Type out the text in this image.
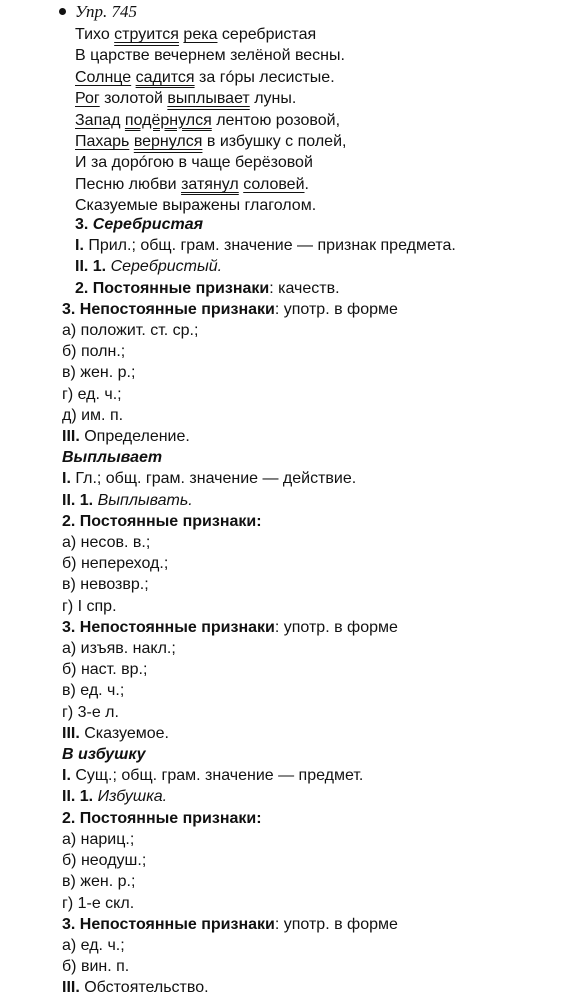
Упр. 745
Тихо струится река серебристая
В царстве вечернем зелёной весны.
Солнце садится за гóры лесистые.
Рог золотой выплывает луны.
Запад подёрнулся лентою розовой,
Пахарь вернулся в избушку с полей,
И за дорóгою в чаще берёзовой
Песню любви затянул соловей.
Сказуемые выражены глаголом.
3. Серебристая
I. Прил.; общ. грам. значение — признак предмета.
II. 1. Серебристый.
2. Постоянные признаки: качеств.
3. Непостоянные признаки: употр. в форме
а) положит. ст. ср.;
б) полн.;
в) жен. р.;
г) ед. ч.;
д) им. п.
III. Определение.
Выплывает
I. Гл.; общ. грам. значение — действие.
II. 1. Выплывать.
2. Постоянные признаки:
а) несов. в.;
б) непереход.;
в) невозвр.;
г) I спр.
3. Непостоянные признаки: употр. в форме
а) изъяв. накл.;
б) наст. вр.;
в) ед. ч.;
г) 3-е л.
III. Сказуемое.
В избушку
I. Сущ.; общ. грам. значение — предмет.
II. 1. Избушка.
2. Постоянные признаки:
а) нариц.;
б) неодуш.;
в) жен. р.;
г) 1-е скл.
3. Непостоянные признаки: употр. в форме
а) ед. ч.;
б) вин. п.
III. Обстоятельство.
